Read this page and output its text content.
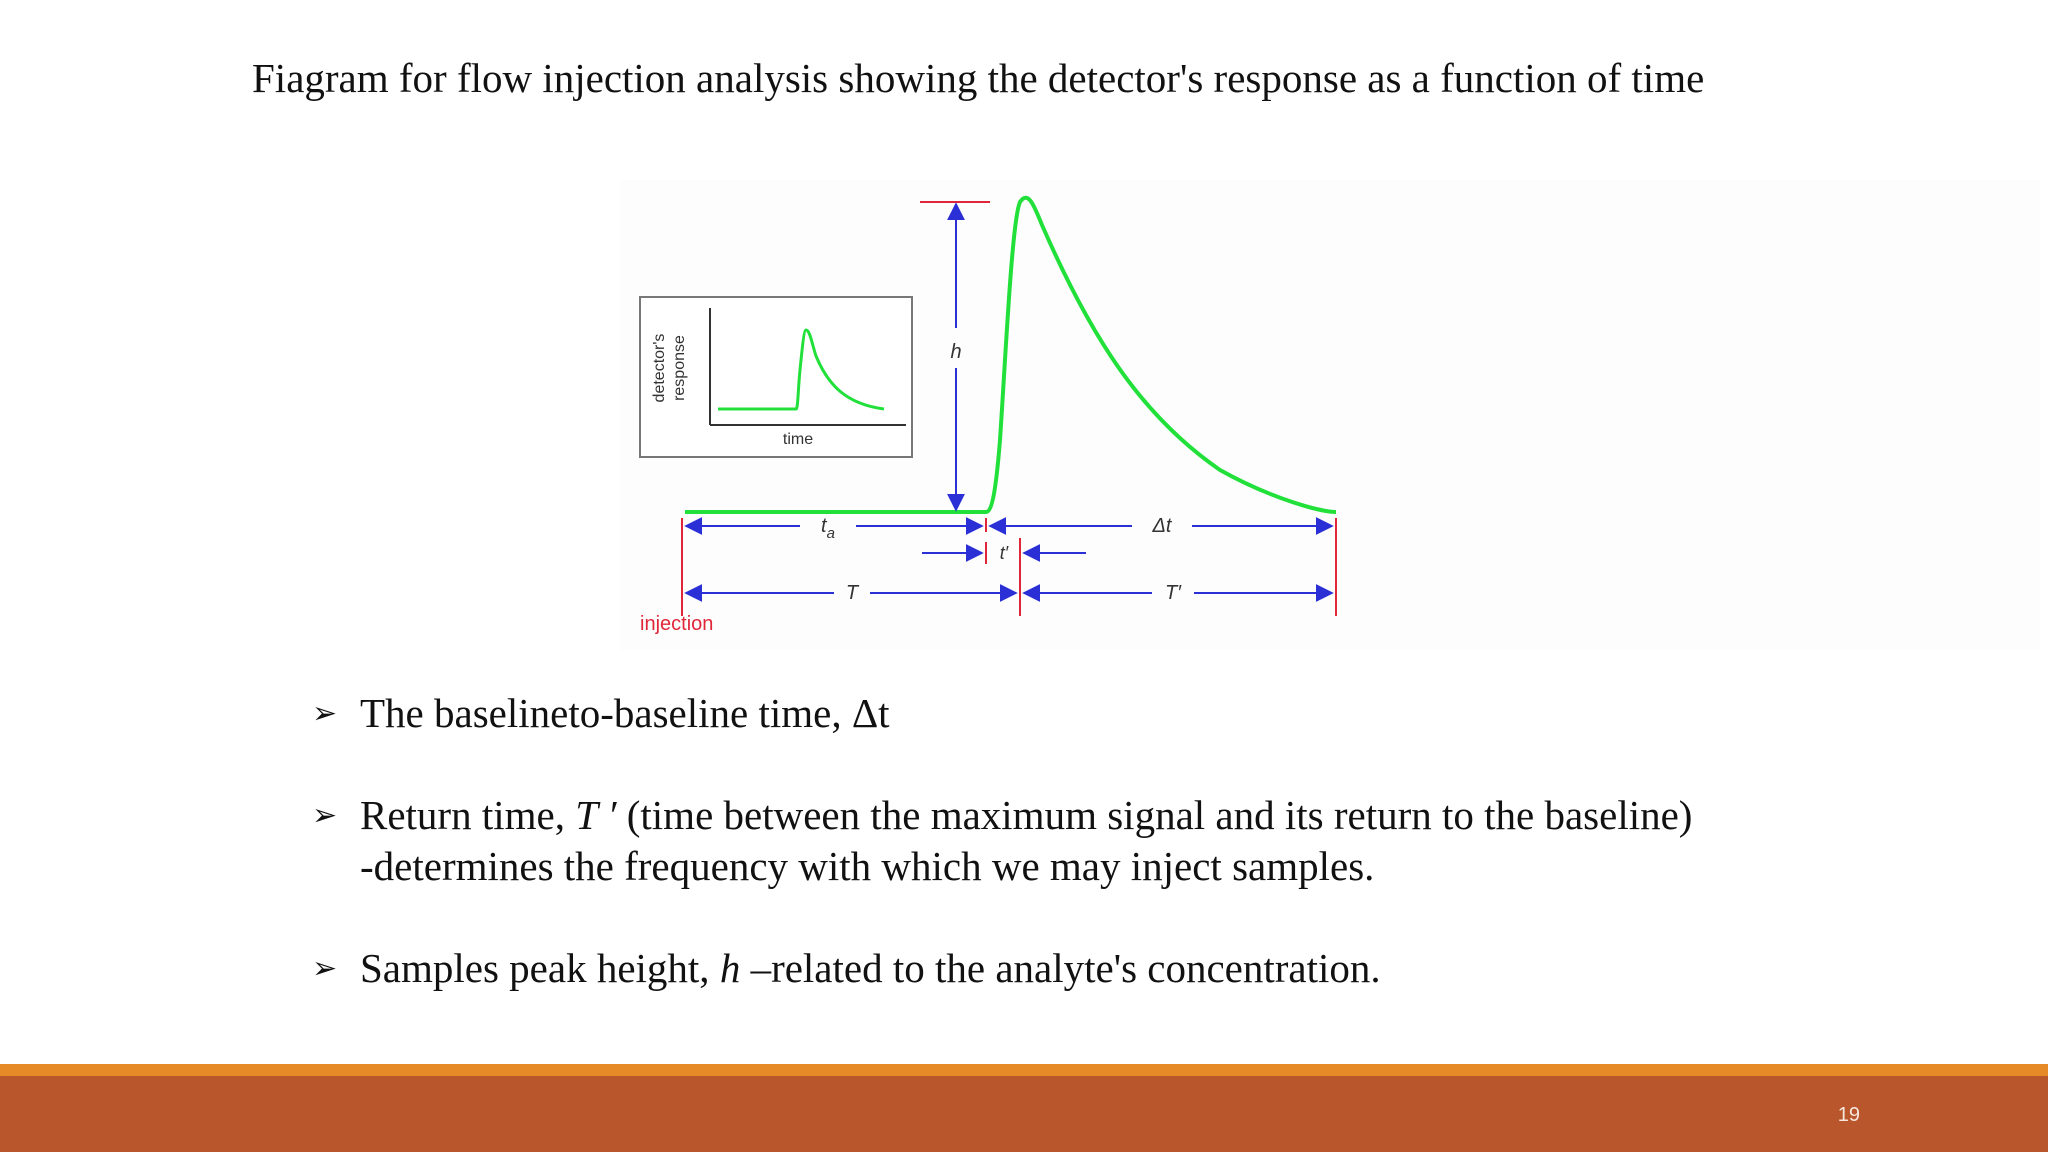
Fiagram for flow injection analysis showing the detector's response as a function of time
h
$t_a$	Δt
t′
T	T′
injection
time
detector's response
➢ The baselineto-baseline time, Δt
➢ Return time, T ′ (time between the maximum signal and its return to the baseline)
-determines the frequency with which we may inject samples.
➢ Samples peak height, h –related to the analyte's concentration.
19
